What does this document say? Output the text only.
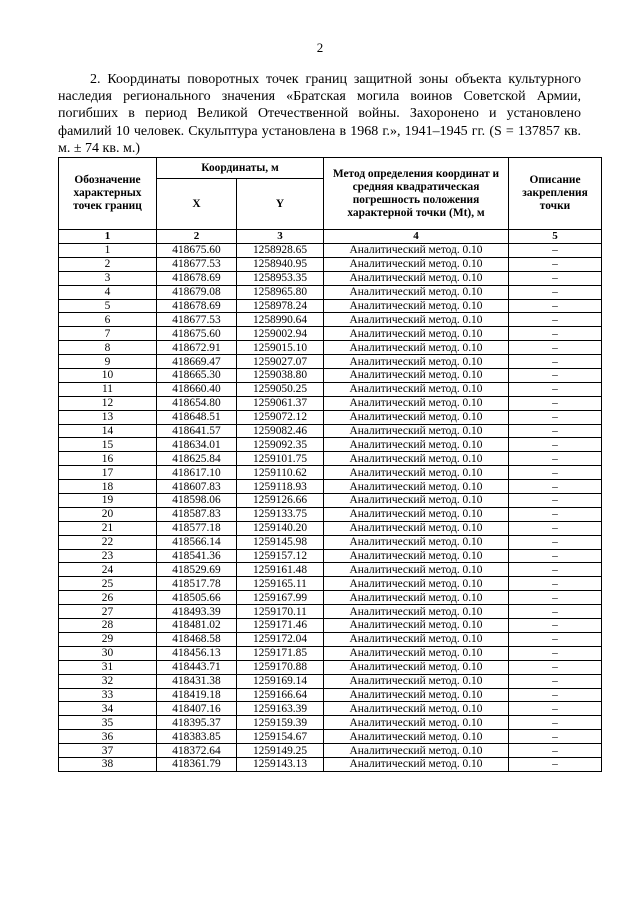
2

2. Координаты поворотных точек границ защитной зоны объекта культурного наследия регионального значения «Братская могила воинов Советской Армии, погибших в период Великой Отечественной войны. Захоронено и установлено фамилий 10 человек. Скульптура установлена в 1968 г.», 1941–1945 гг. (S = 137857 кв. м. ± 74 кв. м.)

Обозначение характерных точек границ	Координаты, м		Метод определения координат и средняя квадратическая погрешность положения характерной точки (Mt), м	Описание закрепления точки
	X	Y		
1	2	3	4	5
1	418675.60	1258928.65	Аналитический метод. 0.10	–
2	418677.53	1258940.95	Аналитический метод. 0.10	–
3	418678.69	1258953.35	Аналитический метод. 0.10	–
4	418679.08	1258965.80	Аналитический метод. 0.10	–
5	418678.69	1258978.24	Аналитический метод. 0.10	–
6	418677.53	1258990.64	Аналитический метод. 0.10	–
7	418675.60	1259002.94	Аналитический метод. 0.10	–
8	418672.91	1259015.10	Аналитический метод. 0.10	–
9	418669.47	1259027.07	Аналитический метод. 0.10	–
10	418665.30	1259038.80	Аналитический метод. 0.10	–
11	418660.40	1259050.25	Аналитический метод. 0.10	–
12	418654.80	1259061.37	Аналитический метод. 0.10	–
13	418648.51	1259072.12	Аналитический метод. 0.10	–
14	418641.57	1259082.46	Аналитический метод. 0.10	–
15	418634.01	1259092.35	Аналитический метод. 0.10	–
16	418625.84	1259101.75	Аналитический метод. 0.10	–
17	418617.10	1259110.62	Аналитический метод. 0.10	–
18	418607.83	1259118.93	Аналитический метод. 0.10	–
19	418598.06	1259126.66	Аналитический метод. 0.10	–
20	418587.83	1259133.75	Аналитический метод. 0.10	–
21	418577.18	1259140.20	Аналитический метод. 0.10	–
22	418566.14	1259145.98	Аналитический метод. 0.10	–
23	418541.36	1259157.12	Аналитический метод. 0.10	–
24	418529.69	1259161.48	Аналитический метод. 0.10	–
25	418517.78	1259165.11	Аналитический метод. 0.10	–
26	418505.66	1259167.99	Аналитический метод. 0.10	–
27	418493.39	1259170.11	Аналитический метод. 0.10	–
28	418481.02	1259171.46	Аналитический метод. 0.10	–
29	418468.58	1259172.04	Аналитический метод. 0.10	–
30	418456.13	1259171.85	Аналитический метод. 0.10	–
31	418443.71	1259170.88	Аналитический метод. 0.10	–
32	418431.38	1259169.14	Аналитический метод. 0.10	–
33	418419.18	1259166.64	Аналитический метод. 0.10	–
34	418407.16	1259163.39	Аналитический метод. 0.10	–
35	418395.37	1259159.39	Аналитический метод. 0.10	–
36	418383.85	1259154.67	Аналитический метод. 0.10	–
37	418372.64	1259149.25	Аналитический метод. 0.10	–
38	418361.79	1259143.13	Аналитический метод. 0.10	–
